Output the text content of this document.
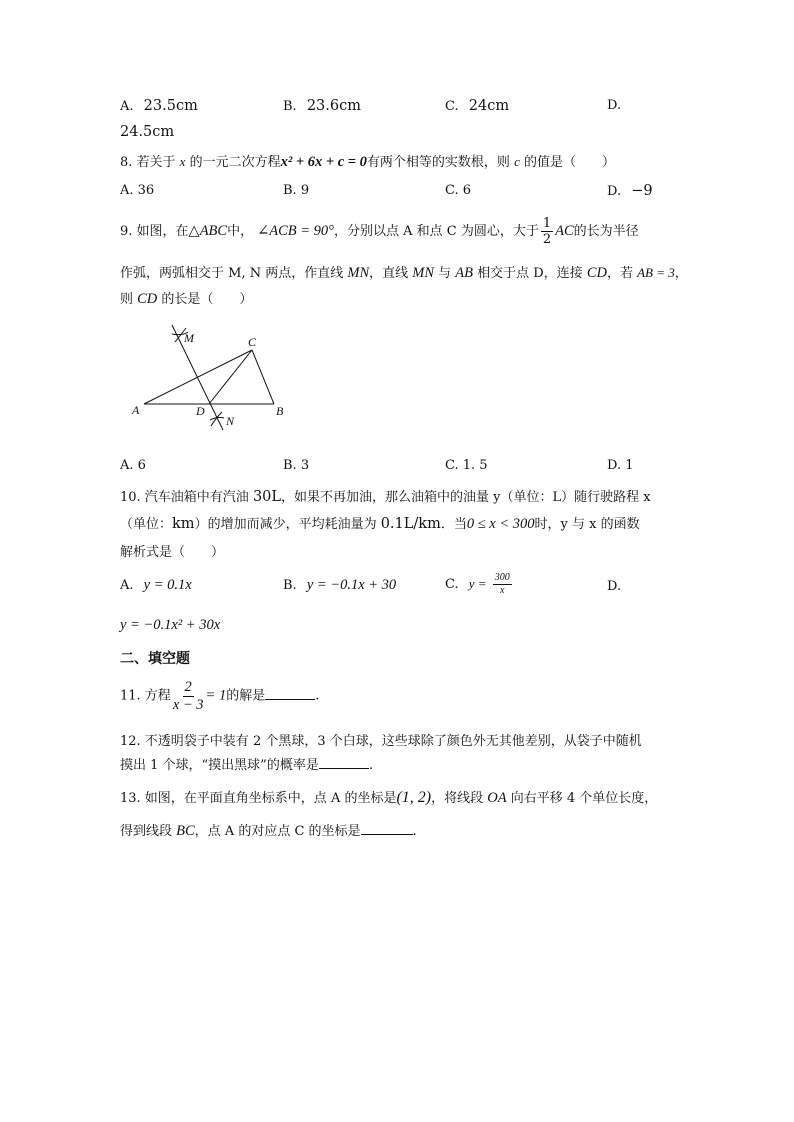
A. 23.5cm	B. 23.6cm	C. 24cm	D.
24.5cm
8. 若关于 x 的一元二次方程x² + 6x + c = 0有两个相等的实数根，则 c 的值是（　　）
A. 36	B. 9	C. 6	D. −9
9. 如图，在△ABC中， ∠ACB = 90°，分别以点 A 和点 C 为圆心，大于 $\frac{1}{2}$ AC的长为半径
作弧，两弧相交于 M, N 两点，作直线 MN，直线 MN 与 AB 相交于点 D，连接 CD，若 AB = 3，
则 CD 的长是（　　）
M	C
A	D	B
N
A. 6	B. 3	C. 1. 5	D. 1
10. 汽车油箱中有汽油 30L，如果不再加油，那么油箱中的油量 y（单位：L）随行驶路程 x
（单位：km）的增加而减少，平均耗油量为 0.1L/km．当0 ≤ x < 300时，y 与 x 的函数
解析式是（　　）
A. y = 0.1x	B. y = −0.1x + 30	C. $y = \frac{300}{x}$	D.
y = −0.1x² + 30x
二、填空题
11. 方程 $\frac{2}{x - 3} = 1$的解是	.
12. 不透明袋子中装有 2 个黑球，3 个白球，这些球除了颜色外无其他差别，从袋子中随机
摸出 1 个球，“摸出黑球”的概率是	.
13. 如图，在平面直角坐标系中，点 A 的坐标是(1, 2)，将线段 OA 向右平移 4 个单位长度，
得到线段 BC，点 A 的对应点 C 的坐标是	.
